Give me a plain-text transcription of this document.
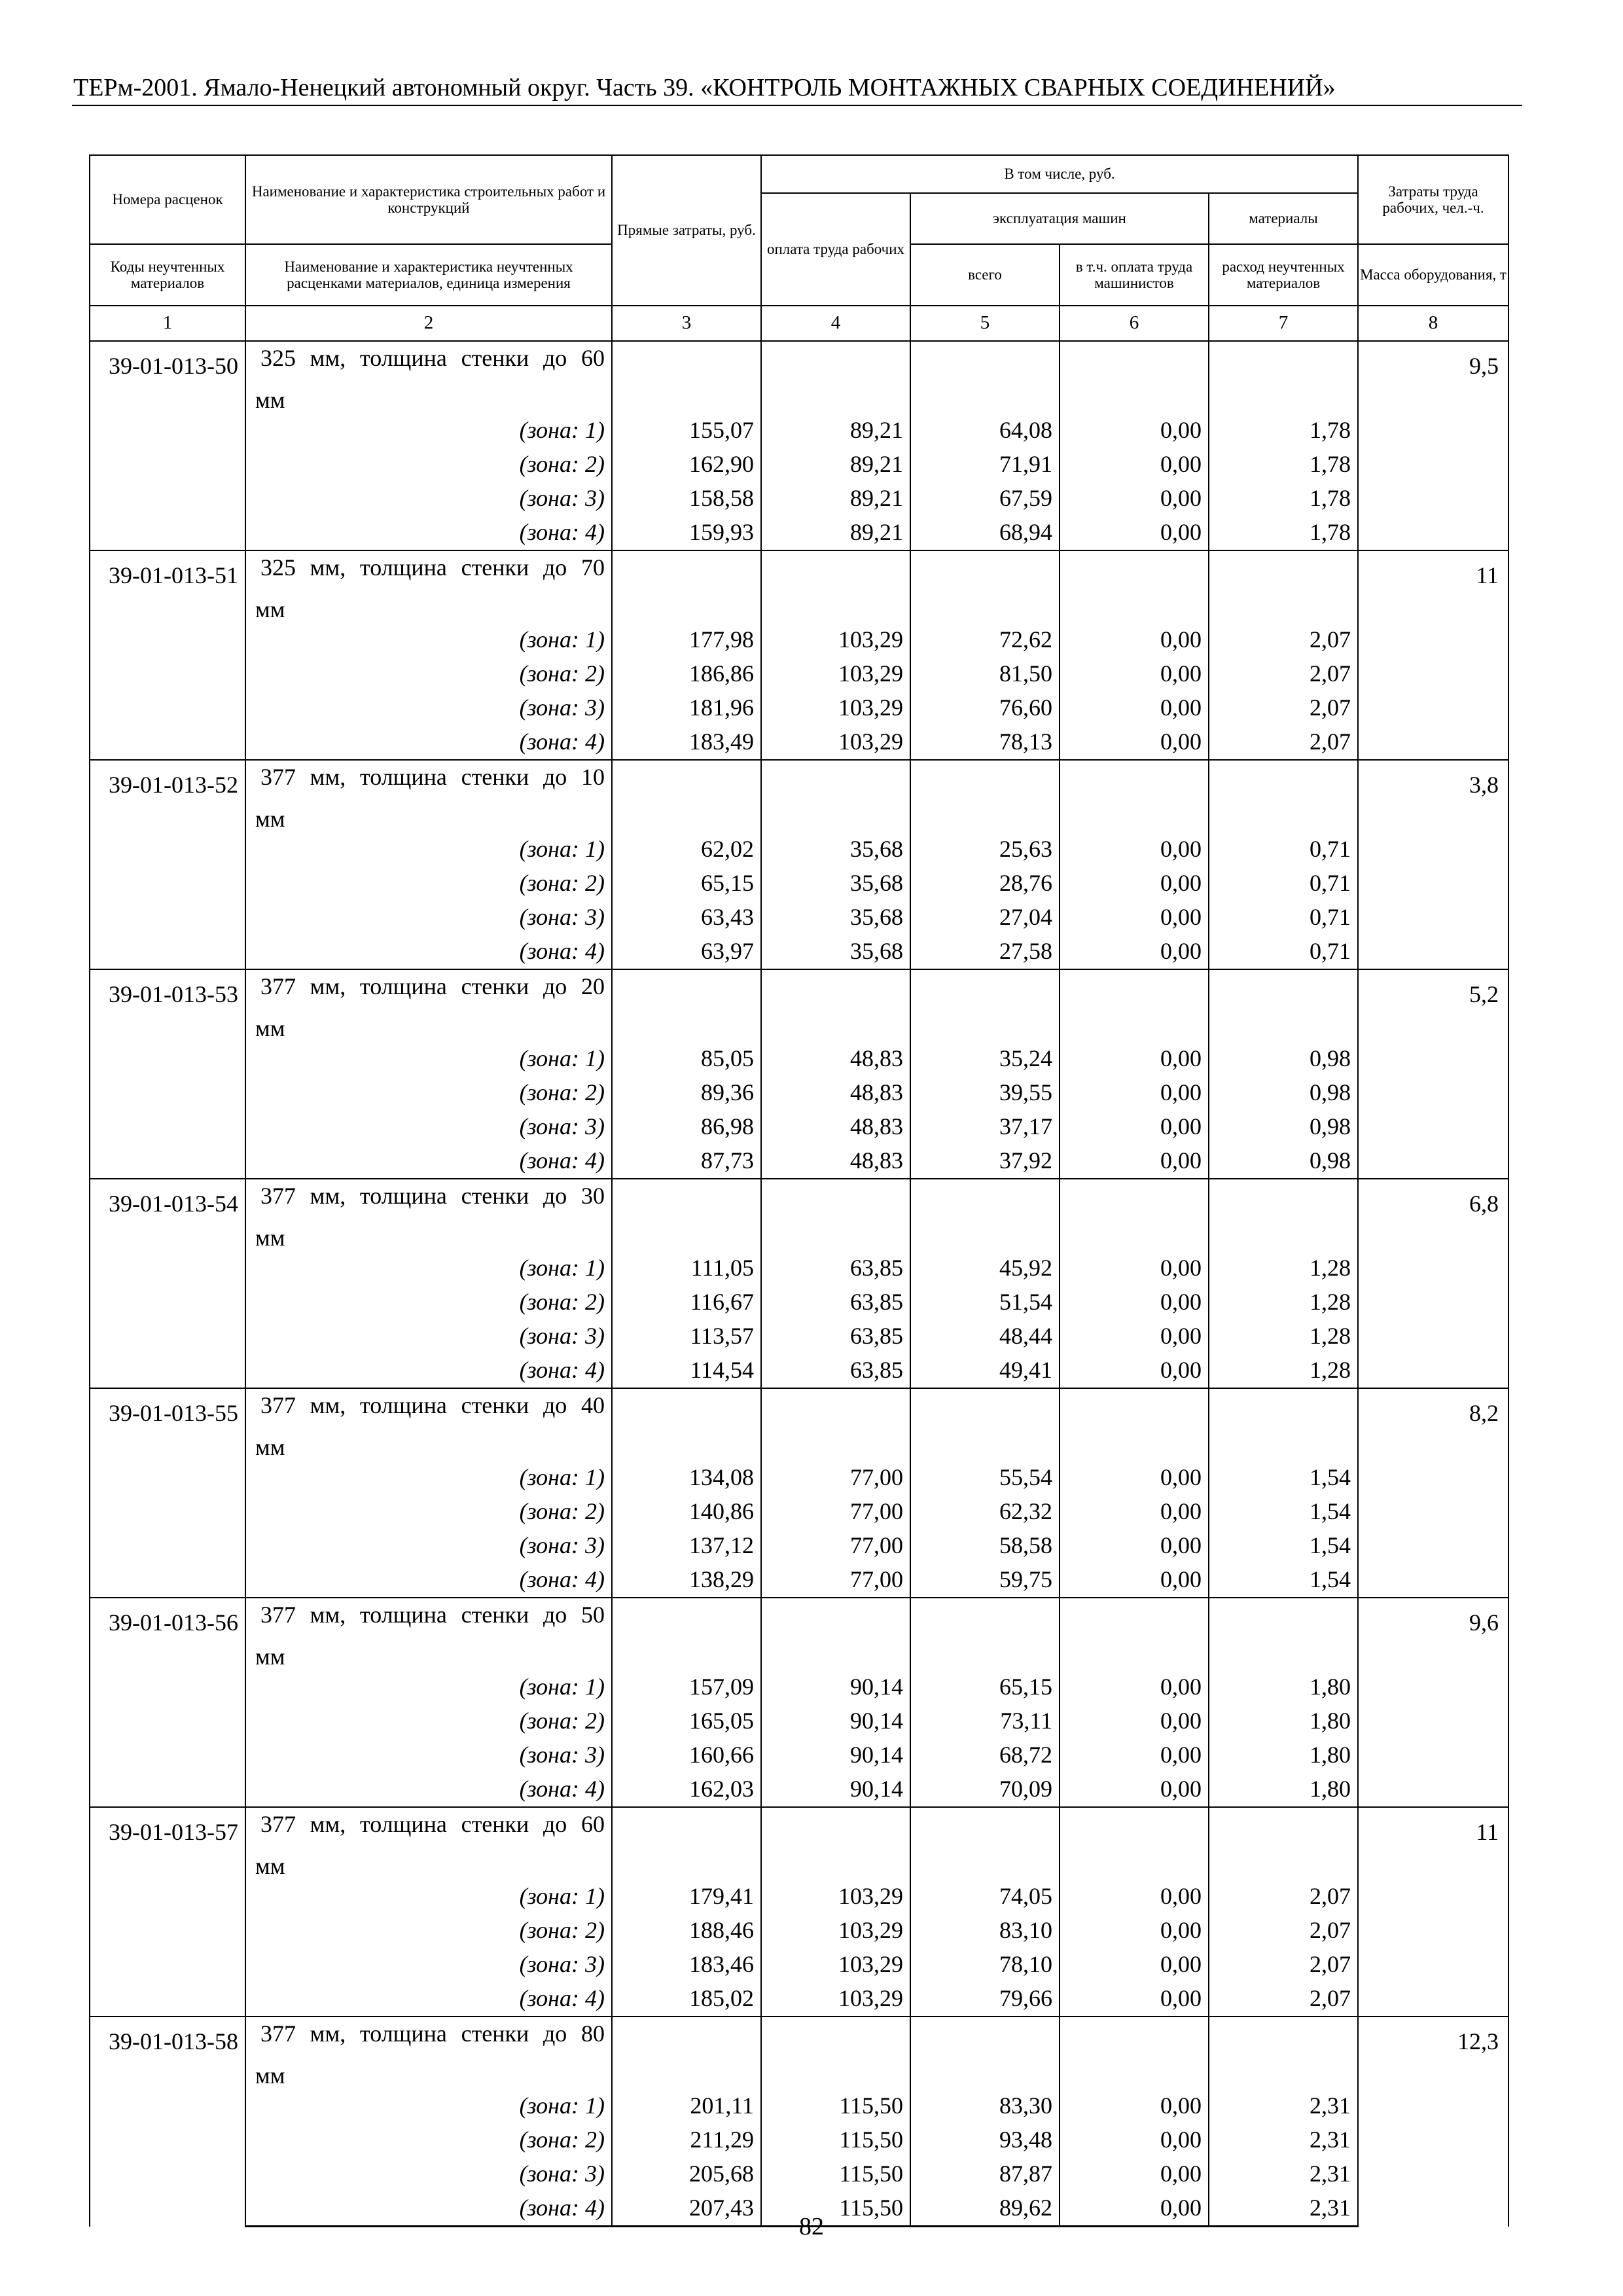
ТЕРм-2001. Ямало-Ненецкий автономный округ. Часть 39. «КОНТРОЛЬ МОНТАЖНЫХ СВАРНЫХ СОЕДИНЕНИЙ»
Номера расценок	Наименование и характеристика строительных работ и конструкций	Прямые затраты, руб.	В том числе, руб.				Затраты труда рабочих, чел.-ч.
			оплата труда рабочих	эксплуатация машин		материалы	
Коды неучтенных материалов	Наименование и характеристика неучтенных расценками материалов, единица измерения			всего	в т.ч. оплата труда машинистов	расход неучтенных материалов	Масса оборудования, т
1	2	3	4	5	6	7	8
39-01-013-50	325 мм, толщина стенки до 60						9,5
	мм						
	(зона: 1)	155,07	89,21	64,08	0,00	1,78	
	(зона: 2)	162,90	89,21	71,91	0,00	1,78	
	(зона: 3)	158,58	89,21	67,59	0,00	1,78	
	(зона: 4)	159,93	89,21	68,94	0,00	1,78	
39-01-013-51	325 мм, толщина стенки до 70						11
	мм						
	(зона: 1)	177,98	103,29	72,62	0,00	2,07	
	(зона: 2)	186,86	103,29	81,50	0,00	2,07	
	(зона: 3)	181,96	103,29	76,60	0,00	2,07	
	(зона: 4)	183,49	103,29	78,13	0,00	2,07	
39-01-013-52	377 мм, толщина стенки до 10						3,8
	мм						
	(зона: 1)	62,02	35,68	25,63	0,00	0,71	
	(зона: 2)	65,15	35,68	28,76	0,00	0,71	
	(зона: 3)	63,43	35,68	27,04	0,00	0,71	
	(зона: 4)	63,97	35,68	27,58	0,00	0,71	
39-01-013-53	377 мм, толщина стенки до 20						5,2
	мм						
	(зона: 1)	85,05	48,83	35,24	0,00	0,98	
	(зона: 2)	89,36	48,83	39,55	0,00	0,98	
	(зона: 3)	86,98	48,83	37,17	0,00	0,98	
	(зона: 4)	87,73	48,83	37,92	0,00	0,98	
39-01-013-54	377 мм, толщина стенки до 30						6,8
	мм						
	(зона: 1)	111,05	63,85	45,92	0,00	1,28	
	(зона: 2)	116,67	63,85	51,54	0,00	1,28	
	(зона: 3)	113,57	63,85	48,44	0,00	1,28	
	(зона: 4)	114,54	63,85	49,41	0,00	1,28	
39-01-013-55	377 мм, толщина стенки до 40						8,2
	мм						
	(зона: 1)	134,08	77,00	55,54	0,00	1,54	
	(зона: 2)	140,86	77,00	62,32	0,00	1,54	
	(зона: 3)	137,12	77,00	58,58	0,00	1,54	
	(зона: 4)	138,29	77,00	59,75	0,00	1,54	
39-01-013-56	377 мм, толщина стенки до 50						9,6
	мм						
	(зона: 1)	157,09	90,14	65,15	0,00	1,80	
	(зона: 2)	165,05	90,14	73,11	0,00	1,80	
	(зона: 3)	160,66	90,14	68,72	0,00	1,80	
	(зона: 4)	162,03	90,14	70,09	0,00	1,80	
39-01-013-57	377 мм, толщина стенки до 60						11
	мм						
	(зона: 1)	179,41	103,29	74,05	0,00	2,07	
	(зона: 2)	188,46	103,29	83,10	0,00	2,07	
	(зона: 3)	183,46	103,29	78,10	0,00	2,07	
	(зона: 4)	185,02	103,29	79,66	0,00	2,07	
39-01-013-58	377 мм, толщина стенки до 80						12,3
	мм						
	(зона: 1)	201,11	115,50	83,30	0,00	2,31	
	(зона: 2)	211,29	115,50	93,48	0,00	2,31	
	(зона: 3)	205,68	115,50	87,87	0,00	2,31	
	(зона: 4)	207,43	115,50	89,62	0,00	2,31	
82
